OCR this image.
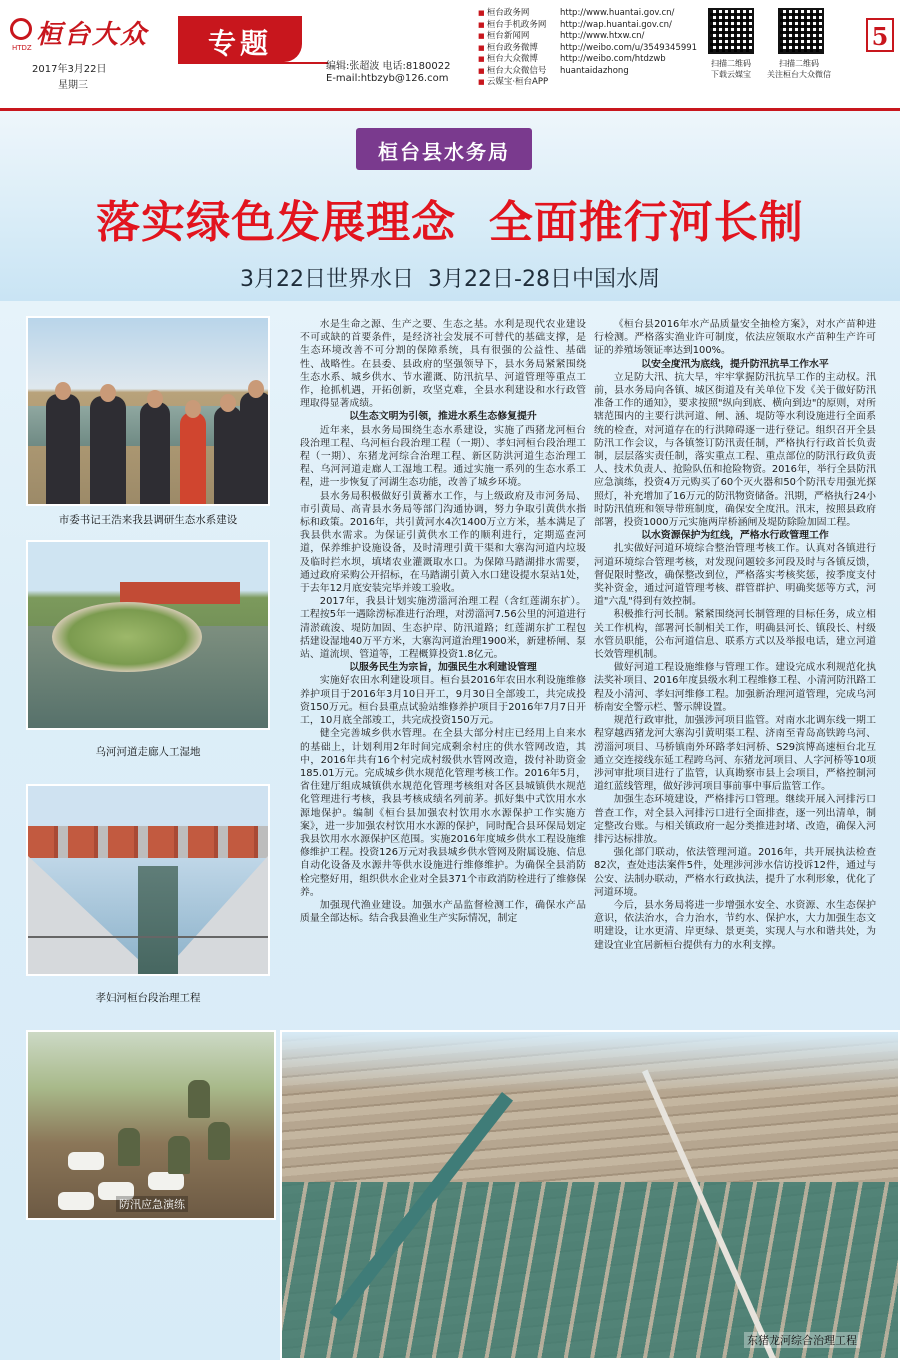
桓台大众
HTDZ
2017年3月22日
星期三
专题
编辑:张超波 电话:8180022
E-mail:htbzyb@126.com
■ 桓台政务网	http://www.huantai.gov.cn/
■ 桓台手机政务网	http://wap.huantai.gov.cn/
■ 桓台新闻网	http://www.htxw.cn/
■ 桓台政务微博	http://weibo.com/u/3549345991
■ 桓台大众微博	http://weibo.com/htdzwb
■ 桓台大众微信号	huantaidazhong
■ 云媒宝·桓台APP
扫描二维码
下载云媒宝
扫描二维码
关注桓台大众微信
5
桓台县水务局
落实绿色发展理念  全面推行河长制
3月22日世界水日  3月22日-28日中国水周
市委书记王浩来我县调研生态水系建设
乌河河道走廊人工湿地
孝妇河桓台段治理工程
防汛应急演练
东猪龙河综合治理工程

水是生命之源、生产之要、生态之基。水利是现代农业建设不可或缺的首要条件，是经济社会发展不可替代的基础支撑，是生态环境改善不可分割的保障系统，具有很强的公益性、基础性、战略性。在县委、县政府的坚强领导下，县水务局紧紧围绕生态水系、城乡供水、节水灌溉、防汛抗旱、河道管理等重点工作，抢抓机遇，开拓创新，攻坚克难，全县水利建设和水行政管理取得显著成绩。

以生态文明为引领，推进水系生态修复提升

近年来，县水务局围绕生态水系建设，实施了西猪龙河桓台段治理工程、乌河桓台段治理工程（一期）、孝妇河桓台段治理工程（一期）、东猪龙河综合治理工程、新区防洪河道生态治理工程、乌河河道走廊人工湿地工程。通过实施一系列的生态水系工程，进一步恢复了河湖生态功能，改善了城乡环境。

县水务局积极做好引黄蓄水工作，与上级政府及市河务局、市引黄局、高青县水务局等部门沟通协调，努力争取引黄供水指标和政策。2016年，共引黄河水4次1400万立方米，基本满足了我县供水需求。为保证引黄供水工作的顺利进行，定期巡查河道，保养维护设施设备，及时清理引黄干渠和大寨沟河道内垃圾及临时拦水坝，填堵农业灌溉取水口。为保障马踏湖排水需要，通过政府采购公开招标，在马踏湖引黄入水口建设提水泵站1处，于去年12月底安装完毕并竣工验收。

2017年，我县计划实施涝淄河治理工程（含红莲湖东扩）。工程按5年一遇除涝标准进行治理，对涝淄河7.56公里的河道进行清淤疏浚、堤防加固、生态护岸、防汛道路；红莲湖东扩工程包括建设湿地40万平方米，大寨沟河道治理1900米，新建桥闸、泵站、道流坝、管道等，工程概算投资1.8亿元。

以服务民生为宗旨，加强民生水利建设管理

实施好农田水利建设项目。桓台县2016年农田水利设施维修养护项目于2016年3月10日开工，9月30日全部竣工，共完成投资150万元。桓台县重点试验站维修养护项目于2016年7月7日开工，10月底全部竣工，共完成投资150万元。

健全完善城乡供水管理。在全县大部分村庄已经用上自来水的基础上，计划利用2年时间完成剩余村庄的供水管网改造，其中，2016年共有16个村完成村级供水管网改造，拨付补助资金185.01万元。完成城乡供水规范化管理考核工作。2016年5月，省住建厅组成城镇供水规范化管理考核组对各区县城镇供水规范化管理进行考核，我县考核成绩名列前茅。抓好集中式饮用水水源地保护。编制《桓台县加强农村饮用水水源保护工作实施方案》，进一步加强农村饮用水水源的保护，同时配合县环保局划定我县饮用水水源保护区范围。实施2016年度城乡供水工程设施维修维护工程。投资126万元对我县城乡供水管网及附属设施、信息自动化设备及水源井等供水设施进行维修维护。为确保全县消防栓完整好用，组织供水企业对全县371个市政消防栓进行了维修保养。

加强现代渔业建设。加强水产品监督检测工作，确保水产品质量全部达标。结合我县渔业生产实际情况，制定

《桓台县2016年水产品质量安全抽检方案》，对水产苗种进行检测。严格落实渔业许可制度，依法应领取水产苗种生产许可证的养殖场领证率达到100%。

以安全度汛为底线，提升防汛抗旱工作水平

立足防大汛、抗大旱，牢牢掌握防汛抗旱工作的主动权。汛前，县水务局向各镇、城区街道及有关单位下发《关于做好防汛准备工作的通知》，要求按照"纵向到底、横向到边"的原则，对所辖范围内的主要行洪河道、闸、涵、堤防等水利设施进行全面系统的检查，对河道存在的行洪障碍逐一进行登记。组织召开全县防汛工作会议，与各镇签订防汛责任制，严格执行行政首长负责制，层层落实责任制，落实重点工程、重点部位的防汛行政负责人、技术负责人、抢险队伍和抢险物资。2016年，举行全县防汛应急演练，投资4万元购买了60个灭火器和50个防汛专用强光探照灯，补充增加了16万元的防汛物资储备。汛期，严格执行24小时防汛值班和领导带班制度，确保安全度汛。汛末，按照县政府部署，投资1000万元实施两岸桥涵闸及堤防除险加固工程。

以水资源保护为红线，严格水行政管理工作

扎实做好河道环境综合整治管理考核工作。认真对各镇进行河道环境综合管理考核，对发现问题较多河段及时与各镇反馈，督促限时整改，确保整改到位，严格落实考核奖惩，按季度支付奖补资金，通过河道管理考核、群管群护、明确奖惩等方式，河道"六乱"得到有效控制。

积极推行河长制。紧紧围绕河长制管理的目标任务，成立相关工作机构，部署河长制相关工作，明确县河长、镇段长、村级水管员职能，公布河道信息、联系方式以及举报电话，建立河道长效管理机制。

做好河道工程设施维修与管理工作。建设完成水利规范化执法奖补项目、2016年度县级水利工程维修工程、小清河防汛路工程及小清河、孝妇河维修工程。加强新治理河道管理，完成乌河桥南安全警示栏、警示牌设置。

规范行政审批，加强涉河项目监管。对南水北调东线一期工程穿越西猪龙河大寨沟引黄明渠工程、济南至青岛高铁跨乌河、涝淄河项目、马桥镇南外环路孝妇河桥、S29滨博高速桓台北互通立交连接线东延工程跨乌河、东猪龙河项目、人字河桥等10项涉河审批项目进行了监管，认真勘察市县上会项目，严格控制河道红蓝线管理，做好涉河项目事前事中事后监管工作。

加强生态环境建设，严格排污口管理。继续开展入河排污口普查工作，对全县入河排污口进行全面排查，逐一列出清单，制定整改台账。与相关镇政府一起分类推进封堵、改造，确保入河排污达标排放。

强化部门联动，依法管理河道。2016年，共开展执法检查82次，查处违法案件5件，处理涉河涉水信访投诉12件，通过与公安、法制办联动，严格水行政执法，提升了水利形象，优化了河道环境。

今后，县水务局将进一步增强水安全、水资源、水生态保护意识，依法治水，合力治水，节约水、保护水，大力加强生态文明建设，让水更清、岸更绿、景更美，实现人与水和谐共处，为建设宜业宜居新桓台提供有力的水利支撑。
